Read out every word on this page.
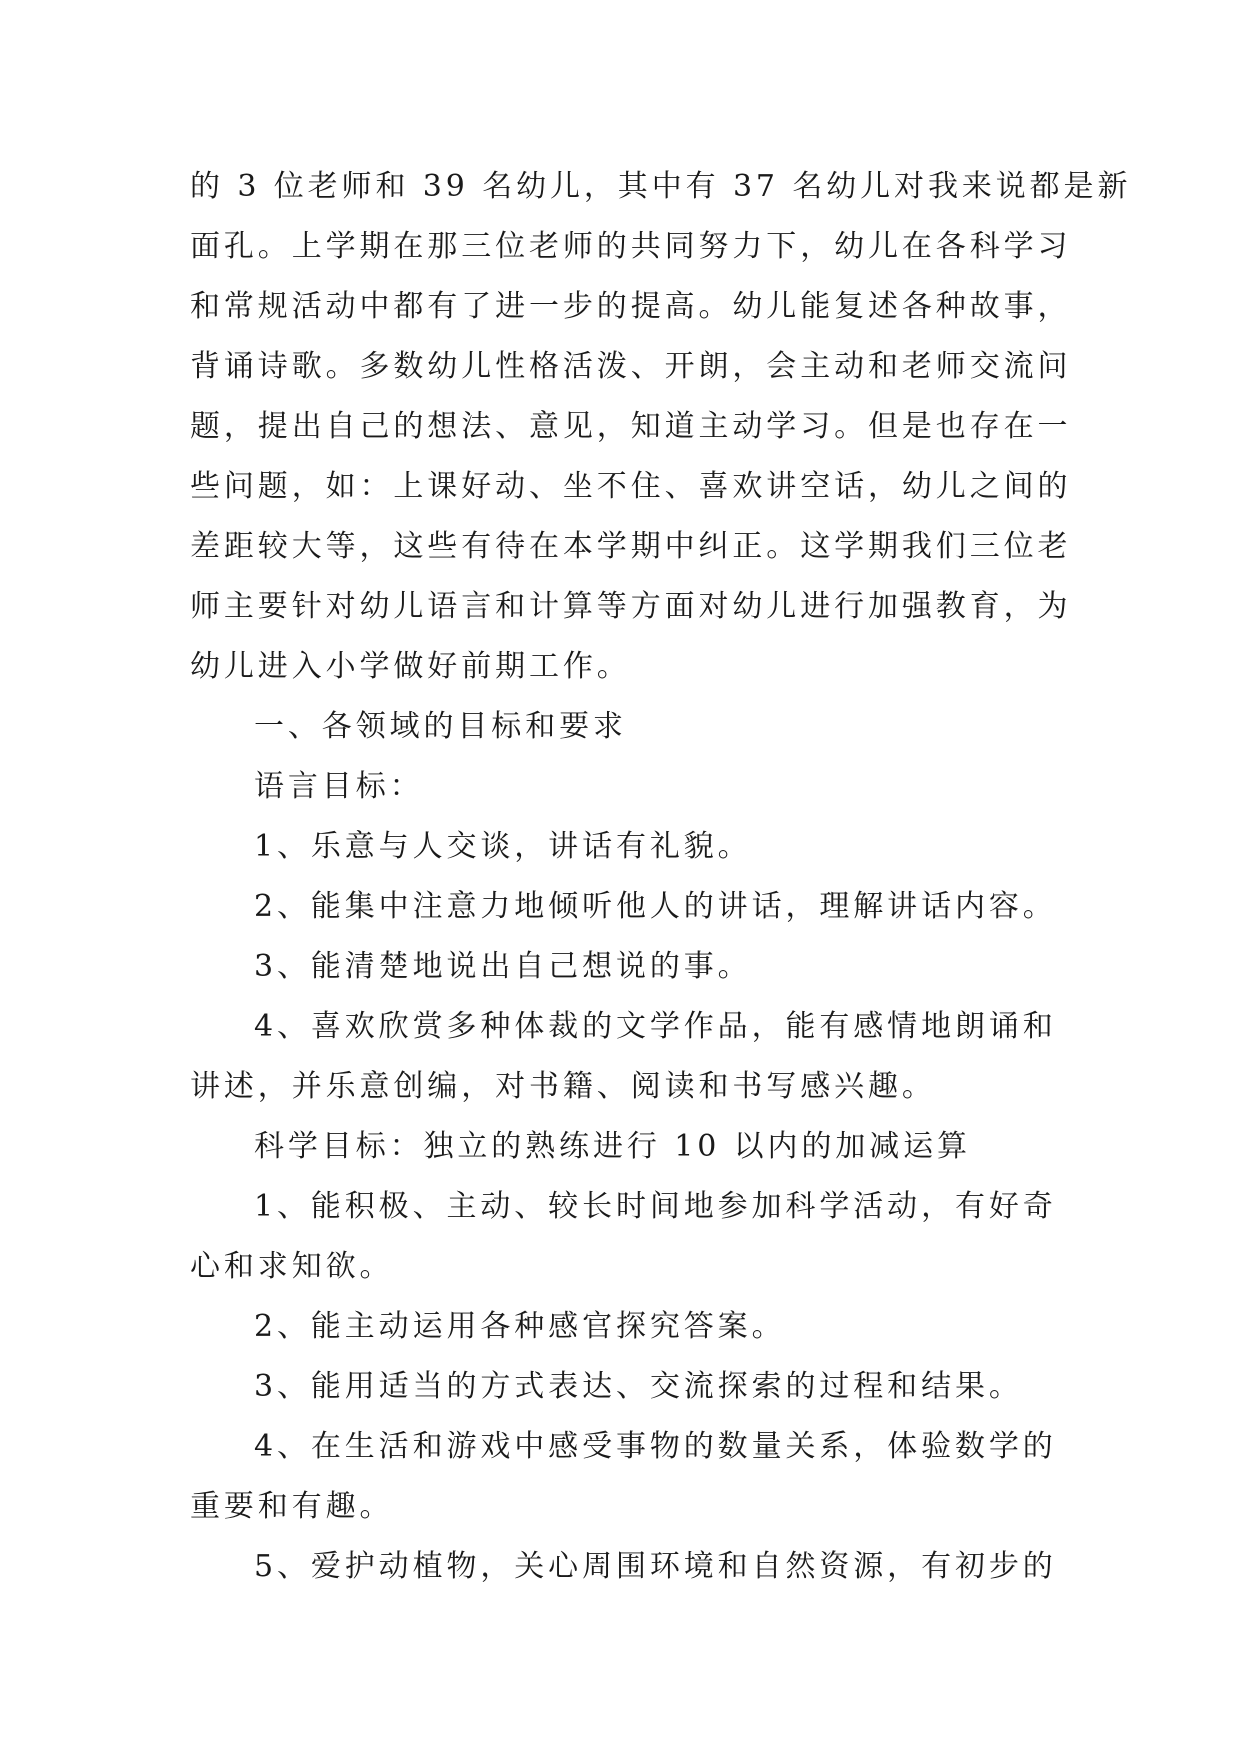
的 3 位老师和 39 名幼儿，其中有 37 名幼儿对我来说都是新
面孔。上学期在那三位老师的共同努力下，幼儿在各科学习
和常规活动中都有了进一步的提高。幼儿能复述各种故事，
背诵诗歌。多数幼儿性格活泼、开朗，会主动和老师交流问
题，提出自己的想法、意见，知道主动学习。但是也存在一
些问题，如：上课好动、坐不住、喜欢讲空话，幼儿之间的
差距较大等，这些有待在本学期中纠正。这学期我们三位老
师主要针对幼儿语言和计算等方面对幼儿进行加强教育，为
幼儿进入小学做好前期工作。
一、各领域的目标和要求
语言目标：
1、乐意与人交谈，讲话有礼貌。
2、能集中注意力地倾听他人的讲话，理解讲话内容。
3、能清楚地说出自己想说的事。
4、喜欢欣赏多种体裁的文学作品，能有感情地朗诵和
讲述，并乐意创编，对书籍、阅读和书写感兴趣。
科学目标：独立的熟练进行 10 以内的加减运算
1、能积极、主动、较长时间地参加科学活动，有好奇
心和求知欲。
2、能主动运用各种感官探究答案。
3、能用适当的方式表达、交流探索的过程和结果。
4、在生活和游戏中感受事物的数量关系，体验数学的
重要和有趣。
5、爱护动植物，关心周围环境和自然资源，有初步的
